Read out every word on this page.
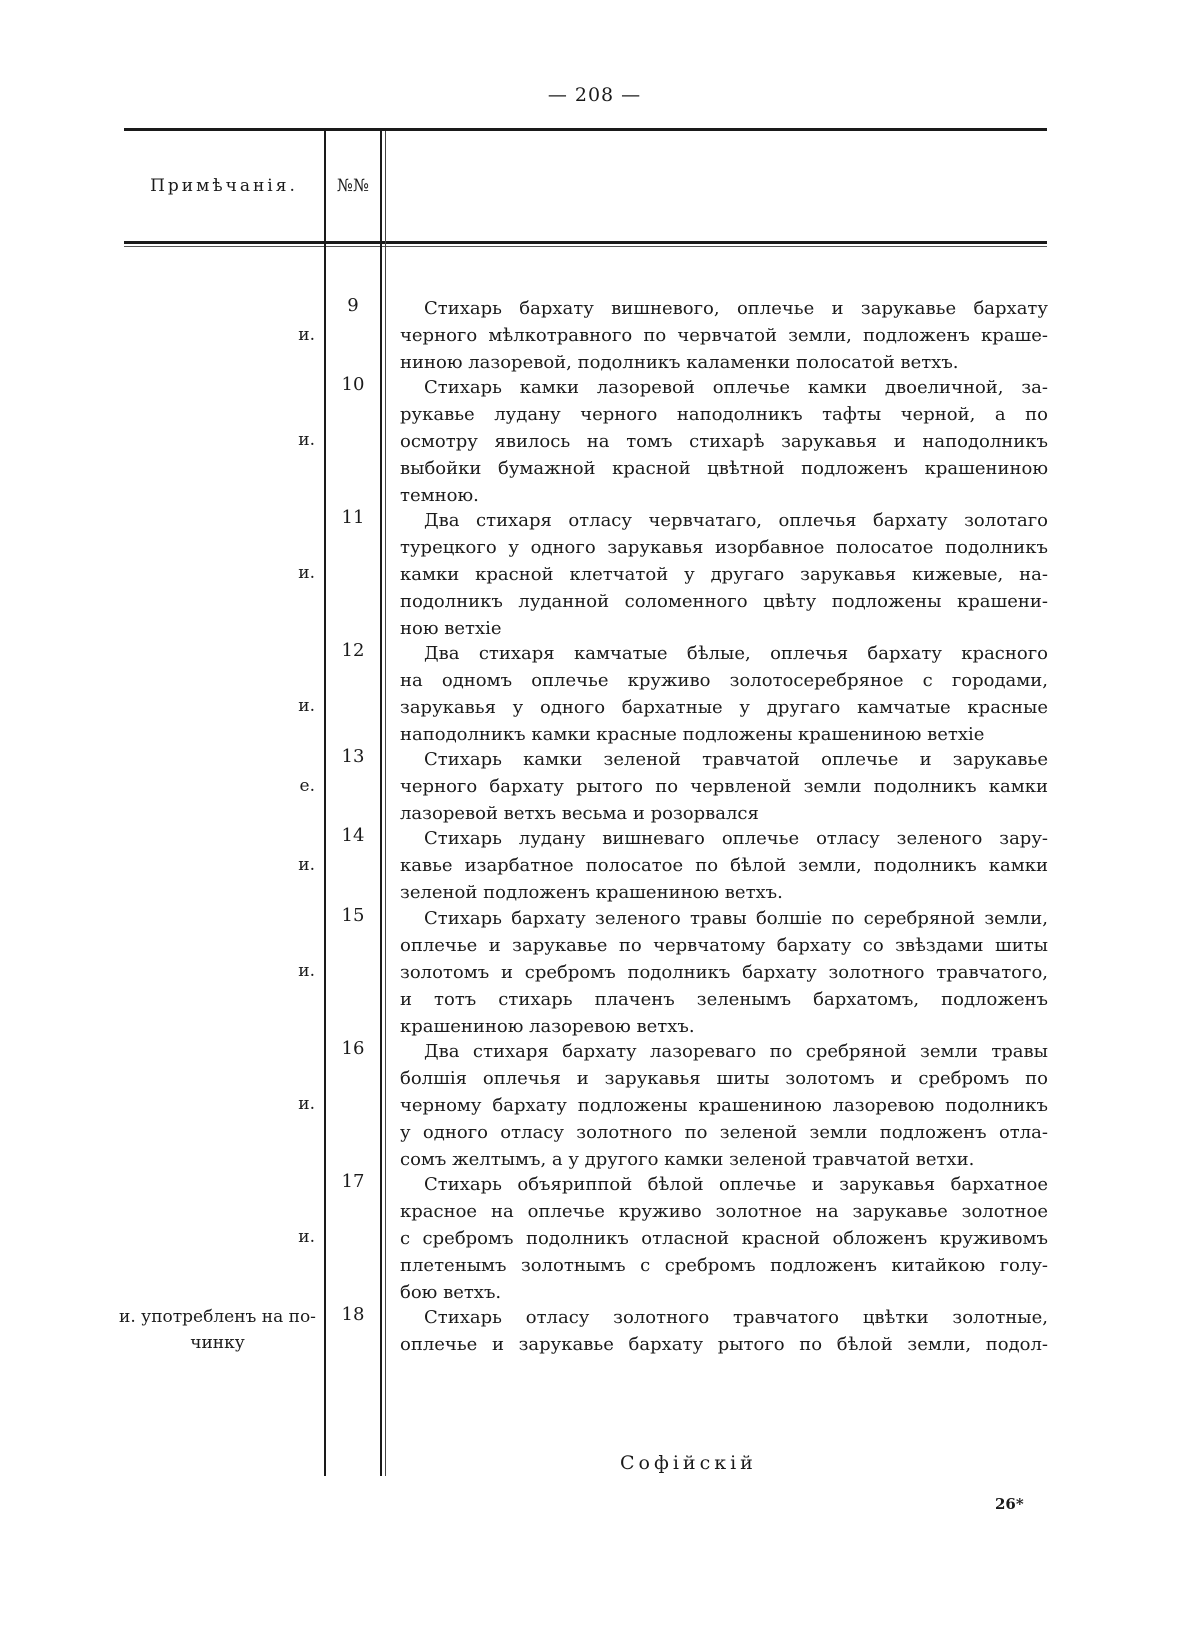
— 208 —
Примѣчанiя.	№№
9
и.
Стихарь бархату вишневого, оплечье и зарукавье бархату
черного мѣлкотравного по червчатой земли, подложенъ краше-
ниною лазоревой, подолникъ каламенки полосатой ветхъ.
10
и.
Стихарь камки лазоревой оплечье камки двоеличной, за-
рукавье лудану черного наподолникъ тафты черной, а по
осмотру явилось на томъ стихарѣ зарукавья и наподолникъ
выбойки бумажной красной цвѣтной подложенъ крашениною
темною.
11
и.
Два стихаря отласу червчатаго, оплечья бархату золотаго
турецкого у одного зарукавья изорбавное полосатое подолникъ
камки красной клетчатой у другаго зарукавья кижевые, на-
подолникъ луданной соломенного цвѣту подложены крашени-
ною ветхiе
12
и.
Два стихаря камчатые бѣлые, оплечья бархату красного
на одномъ оплечье круживо золотосеребряное с городами,
зарукавья у одного бархатные у другаго камчатые красные
наподолникъ камки красные подложены крашениною ветхiе
13
е.
Стихарь камки зеленой травчатой оплечье и зарукавье
черного бархату рытого по червленой земли подолникъ камки
лазоревой ветхъ весьма и розорвался
14
и.
Стихарь лудану вишневаго оплечье отласу зеленого зару-
кавье изарбатное полосатое по бѣлой земли, подолникъ камки
зеленой подложенъ крашениною ветхъ.
15
и.
Стихарь бархату зеленого травы болшiе по серебряной земли,
оплечье и зарукавье по червчатому бархату со звѣздами шиты
золотомъ и сребромъ подолникъ бархату золотного травчатого,
и тотъ стихарь плаченъ зеленымъ бархатомъ, подложенъ
крашениною лазоревою ветхъ.
16
и.
Два стихаря бархату лазореваго по сребряной земли травы
болшiя оплечья и зарукавья шиты золотомъ и сребромъ по
черному бархату подложены крашениною лазоревою подолникъ
у одного отласу золотного по зеленой земли подложенъ отла-
сомъ желтымъ, а у другого камки зеленой травчатой ветхи.
17
и.
Стихарь объяриппой бѣлой оплечье и зарукавья бархатное
красное на оплечье круживо золотное на зарукавье золотное
с сребромъ подолникъ отласной красной обложенъ круживомъ
плетенымъ золотнымъ с сребромъ подложенъ китайкою голу-
бою ветхъ.
18
и. употребленъ на по- чинку
Стихарь отласу золотного травчатого цвѣтки золотные,
оплечье и зарукавье бархату рытого по бѣлой земли, подол-
Софiйскiй
26*
